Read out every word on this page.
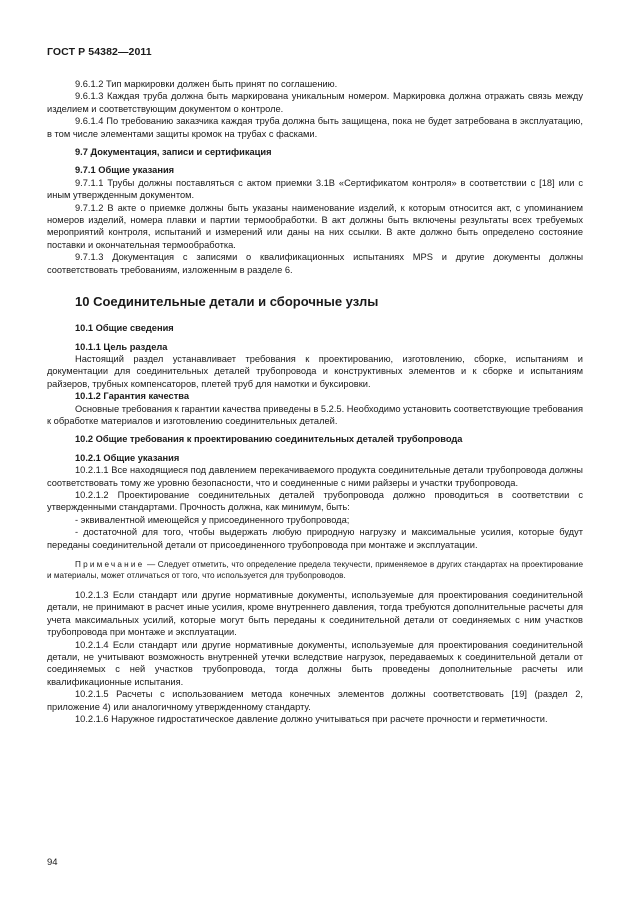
ГОСТ Р 54382—2011

9.6.1.2 Тип маркировки должен быть принят по соглашению.

9.6.1.3 Каждая труба должна быть маркирована уникальным номером. Маркировка должна отражать связь между изделием и соответствующим документом о контроле.

9.6.1.4 По требованию заказчика каждая труба должна быть защищена, пока не будет затребована в эксплуатацию, в том числе элементами защиты кромок на трубах с фасками.

9.7 Документация, записи и сертификация

9.7.1 Общие указания

9.7.1.1 Трубы должны поставляться с актом приемки 3.1В «Сертификатом контроля» в соответствии с [18] или с иным утвержденным документом.

9.7.1.2 В акте о приемке должны быть указаны наименование изделий, к которым относится акт, с упоминанием номеров изделий, номера плавки и партии термообработки. В акт должны быть включены результаты всех требуемых мероприятий контроля, испытаний и измерений или даны на них ссылки. В акте должно быть определено состояние поставки и окончательная термообработка.

9.7.1.3 Документация с записями о квалификационных испытаниях MPS и другие документы должны соответствовать требованиям, изложенным в разделе 6.

10 Соединительные детали и сборочные узлы

10.1 Общие сведения

10.1.1 Цель раздела

Настоящий раздел устанавливает требования к проектированию, изготовлению, сборке, испытаниям и документации для соединительных деталей трубопровода и конструктивных элементов и к сборке и испытаниям райзеров, трубных компенсаторов, плетей труб для намотки и буксировки.

10.1.2 Гарантия качества

Основные требования к гарантии качества приведены в 5.2.5. Необходимо установить соответствующие требования к обработке материалов и изготовлению соединительных деталей.

10.2 Общие требования к проектированию соединительных деталей трубопровода

10.2.1 Общие указания

10.2.1.1 Все находящиеся под давлением перекачиваемого продукта соединительные детали трубопровода должны соответствовать тому же уровню безопасности, что и соединенные с ними райзеры и участки трубопровода.

10.2.1.2 Проектирование соединительных деталей трубопровода должно проводиться в соответствии с утвержденными стандартами. Прочность должна, как минимум, быть:

- эквивалентной имеющейся у присоединенного трубопровода;

- достаточной для того, чтобы выдержать любую природную нагрузку и максимальные усилия, которые будут переданы соединительной детали от присоединенного трубопровода при монтаже и эксплуатации.

Примечание — Следует отметить, что определение предела текучести, применяемое в других стандартах на проектирование и материалы, может отличаться от того, что используется для трубопроводов.

10.2.1.3 Если стандарт или другие нормативные документы, используемые для проектирования соединительной детали, не принимают в расчет иные усилия, кроме внутреннего давления, тогда требуются дополнительные расчеты для учета максимальных усилий, которые могут быть переданы к соединительной детали от соединяемых с ним участков трубопровода при монтаже и эксплуатации.

10.2.1.4 Если стандарт или другие нормативные документы, используемые для проектирования соединительной детали, не учитывают возможность внутренней утечки вследствие нагрузок, передаваемых к соединительной детали от соединяемых с ней участков трубопровода, тогда должны быть проведены дополнительные расчеты или квалификационные испытания.

10.2.1.5 Расчеты с использованием метода конечных элементов должны соответствовать [19] (раздел 2, приложение 4) или аналогичному утвержденному стандарту.

10.2.1.6 Наружное гидростатическое давление должно учитываться при расчете прочности и герметичности.

94
